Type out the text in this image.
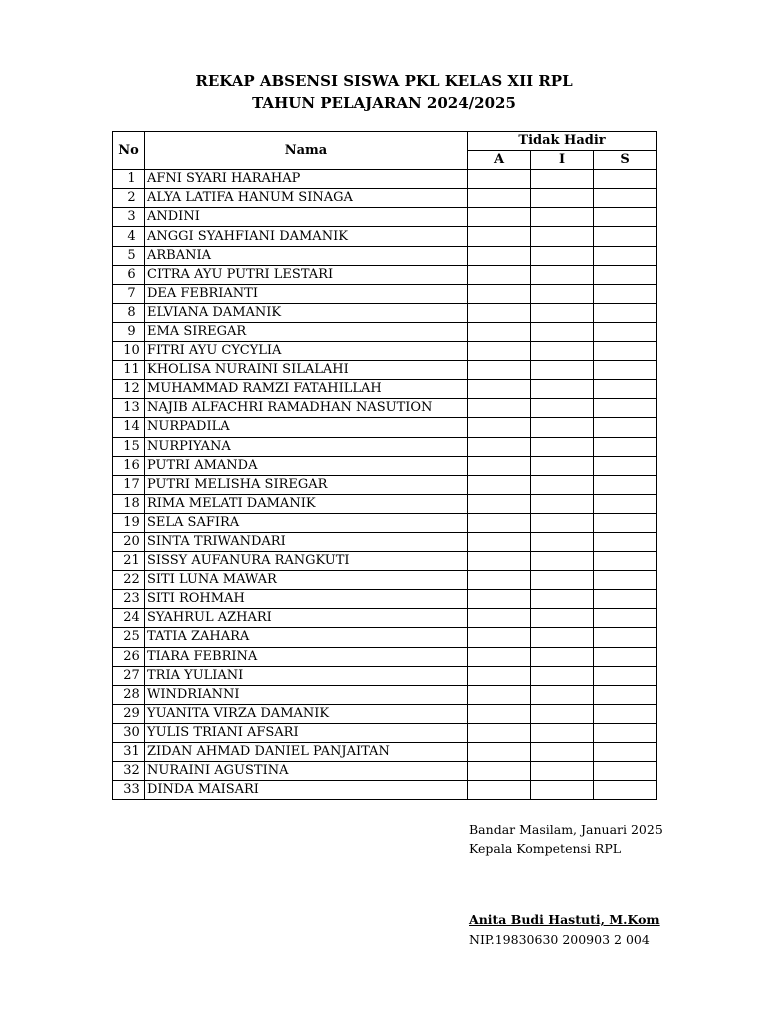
REKAP ABSENSI SISWA PKL KELAS XII RPL
TAHUN PELAJARAN 2024/2025
No	Nama	Tidak Hadir		
		A	I	S
1	AFNI SYARI HARAHAP			
2	ALYA LATIFA HANUM SINAGA			
3	ANDINI			
4	ANGGI SYAHFIANI DAMANIK			
5	ARBANIA			
6	CITRA AYU PUTRI LESTARI			
7	DEA FEBRIANTI			
8	ELVIANA DAMANIK			
9	EMA SIREGAR			
10	FITRI AYU CYCYLIA			
11	KHOLISA NURAINI SILALAHI			
12	MUHAMMAD RAMZI FATAHILLAH			
13	NAJIB ALFACHRI RAMADHAN NASUTION			
14	NURPADILA			
15	NURPIYANA			
16	PUTRI AMANDA			
17	PUTRI MELISHA SIREGAR			
18	RIMA MELATI DAMANIK			
19	SELA SAFIRA			
20	SINTA TRIWANDARI			
21	SISSY AUFANURA RANGKUTI			
22	SITI LUNA MAWAR			
23	SITI ROHMAH			
24	SYAHRUL AZHARI			
25	TATIA ZAHARA			
26	TIARA FEBRINA			
27	TRIA YULIANI			
28	WINDRIANNI			
29	YUANITA VIRZA DAMANIK			
30	YULIS TRIANI AFSARI			
31	ZIDAN AHMAD DANIEL PANJAITAN			
32	NURAINI AGUSTINA			
33	DINDA MAISARI			
Bandar Masilam, Januari 2025
Kepala Kompetensi RPL
Anita Budi Hastuti, M.Kom
NIP.19830630 200903 2 004
